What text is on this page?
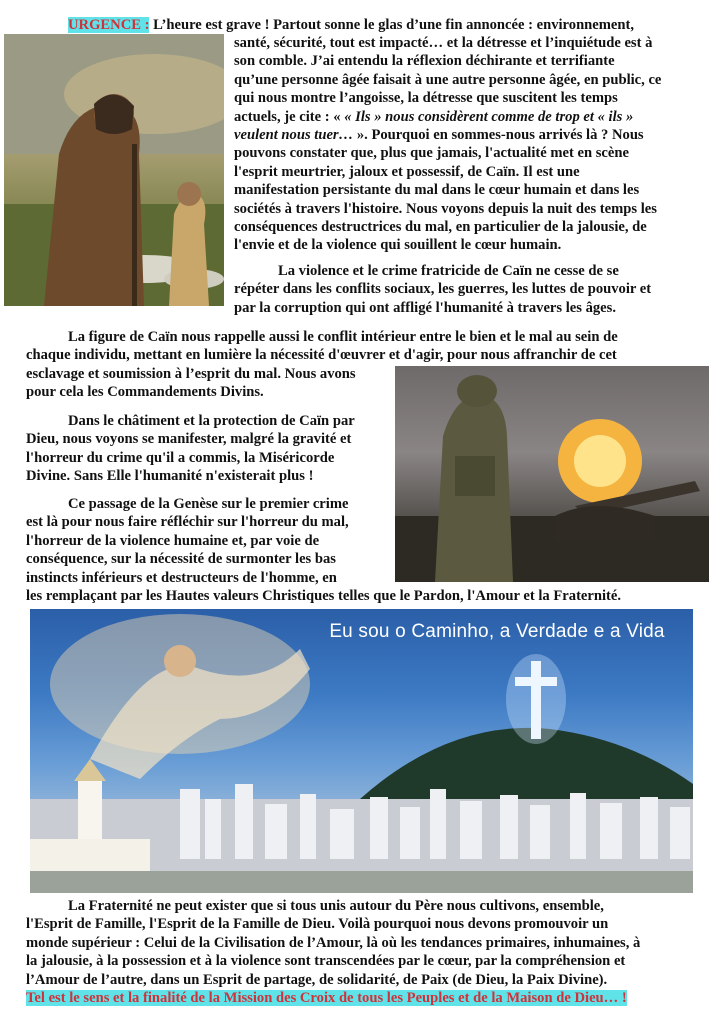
URGENCE : L’heure est grave ! Partout sonne le glas d’une fin annoncée : environnement,

santé, sécurité, tout est impacté… et la détresse et l’inquiétude est à

son comble. J’ai entendu la réflexion déchirante et terrifiante

qu’une personne âgée faisait à une autre personne âgée, en public, ce

qui nous montre l’angoisse, la détresse que suscitent les temps

actuels, je cite : « « Ils » nous considèrent comme de trop et « ils »

veulent nous tuer… ». Pourquoi en sommes-nous arrivés là ? Nous

pouvons constater que, plus que jamais, l'actualité met en scène

l'esprit meurtrier, jaloux et possessif, de Caïn. Il est une

manifestation persistante du mal dans le cœur humain et dans les

sociétés à travers l'histoire. Nous voyons depuis la nuit des temps les

conséquences destructrices du mal, en particulier de la jalousie, de

l'envie et de la violence qui souillent le cœur humain.

La violence et le crime fratricide de Caïn ne cesse de se

répéter dans les conflits sociaux, les guerres, les luttes de pouvoir et

par la corruption qui ont affligé l'humanité à travers les âges.

La figure de Caïn nous rappelle aussi le conflit intérieur entre le bien et le mal au sein de

chaque individu, mettant en lumière la nécessité d'œuvrer et d'agir, pour nous affranchir de cet

esclavage et soumission à l’esprit du mal. Nous avons

pour cela les Commandements Divins.

Dans le châtiment et la protection de Caïn par

Dieu, nous voyons se manifester, malgré la gravité et

l'horreur du crime qu'il a commis, la Miséricorde

Divine. Sans Elle l'humanité n'existerait plus !

Ce passage de la Genèse sur le premier crime

est là pour nous faire réfléchir sur l'horreur du mal,

l'horreur de la violence humaine et, par voie de

conséquence, sur la nécessité de surmonter les bas

instincts inférieurs et destructeurs de l'homme, en

les remplaçant par les Hautes valeurs Christiques telles que le Pardon, l'Amour et la Fraternité.
Eu sou o Caminho, a Verdade e a Vida

La Fraternité ne peut exister que si tous unis autour du Père nous cultivons, ensemble,

l'Esprit de Famille, l'Esprit de la Famille de Dieu. Voilà pourquoi nous devons promouvoir un

monde supérieur : Celui de la Civilisation de l’Amour, là où les tendances primaires, inhumaines, à

la jalousie, à la possession et à la violence sont transcendées par le cœur, par la compréhension et

l’Amour de l’autre, dans un Esprit de partage, de solidarité, de Paix (de Dieu, la Paix Divine).

Tel est le sens et la finalité de la Mission des Croix de tous les Peuples et de la Maison de Dieu… !
